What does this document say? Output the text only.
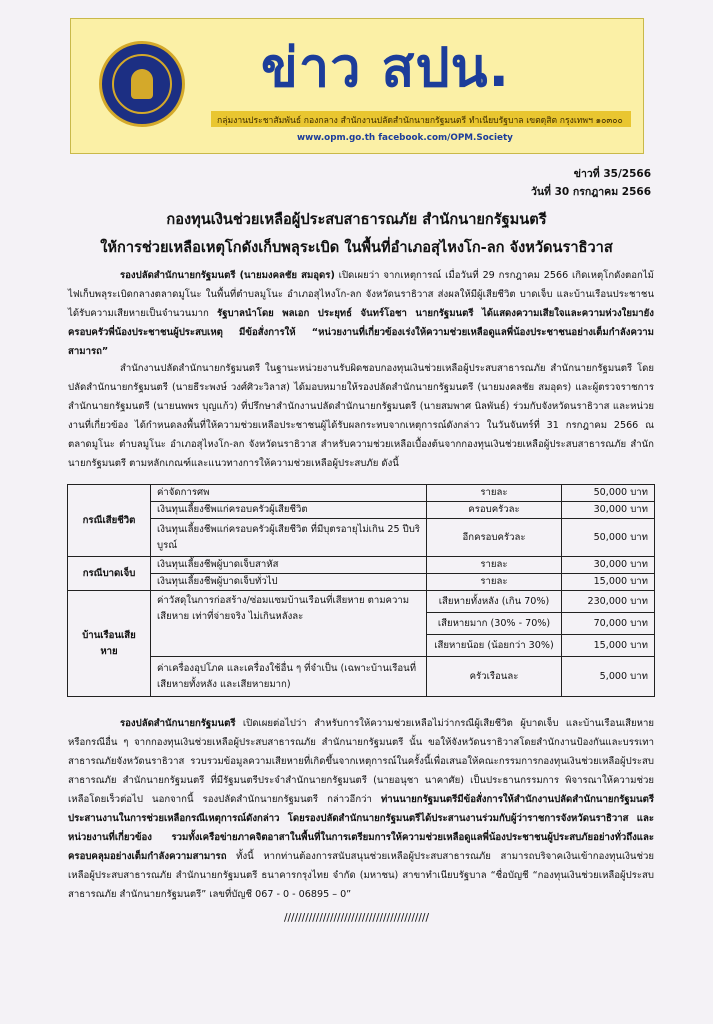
ข่าว สปน.
กลุ่มงานประชาสัมพันธ์ กองกลาง สำนักงานปลัดสำนักนายกรัฐมนตรี ทำเนียบรัฐบาล เขตดุสิต กรุงเทพฯ ๑๐๓๐๐
www.opm.go.th facebook.com/OPM.Society
ข่าวที่ 35/2566
วันที่ 30 กรกฎาคม 2566
กองทุนเงินช่วยเหลือผู้ประสบสาธารณภัย สำนักนายกรัฐมนตรี
ให้การช่วยเหลือเหตุโกดังเก็บพลุระเบิด ในพื้นที่อำเภอสุไหงโก-ลก จังหวัดนราธิวาส
รองปลัดสำนักนายกรัฐมนตรี (นายมงคลชัย สมอุดร) เปิดเผยว่า จากเหตุการณ์ เมื่อวันที่ 29 กรกฎาคม 2566 เกิดเหตุโกดังตอกไม้ไฟเก็บพลุระเบิดกลางตลาดมูโนะ ในพื้นที่ตำบลมูโนะ อำเภอสุไหงโก-ลก จังหวัดนราธิวาส ส่งผลให้มีผู้เสียชีวิต บาดเจ็บ และบ้านเรือนประชาชนได้รับความเสียหายเป็นจำนวนมาก รัฐบาลนำโดย พลเอก ประยุทธ์ จันทร์โอชา นายกรัฐมนตรี ได้แสดงความเสียใจและความห่วงใยมายังครอบครัวพี่น้องประชาชนผู้ประสบเหตุ มีข้อสั่งการให้ “หน่วยงานที่เกี่ยวข้องเร่งให้ความช่วยเหลือดูแลพี่น้องประชาชนอย่างเต็มกำลังความสามารถ”
สำนักงานปลัดสำนักนายกรัฐมนตรี ในฐานะหน่วยงานรับผิดชอบกองทุนเงินช่วยเหลือผู้ประสบสาธารณภัย สำนักนายกรัฐมนตรี โดยปลัดสำนักนายกรัฐมนตรี (นายธีระพงษ์ วงศ์ศิวะวิลาส) ได้มอบหมายให้รองปลัดสำนักนายกรัฐมนตรี (นายมงคลชัย สมอุดร) และผู้ตรวจราชการสำนักนายกรัฐมนตรี (นายนพพร บุญแก้ว) ที่ปรึกษาสำนักงานปลัดสำนักนายกรัฐมนตรี (นายสมพาศ นิลพันธ์) ร่วมกับจังหวัดนราธิวาส และหน่วยงานที่เกี่ยวข้อง ได้กำหนดลงพื้นที่ให้ความช่วยเหลือประชาชนผู้ได้รับผลกระทบจากเหตุการณ์ดังกล่าว ในวันจันทร์ที่ 31 กรกฎาคม 2566 ณ ตลาดมูโนะ ตำบลมูโนะ อำเภอสุไหงโก-ลก จังหวัดนราธิวาส สำหรับความช่วยเหลือเบื้องต้นจากกองทุนเงินช่วยเหลือผู้ประสบสาธารณภัย สำนักนายกรัฐมนตรี ตามหลักเกณฑ์และแนวทางการให้ความช่วยเหลือผู้ประสบภัย ดังนี้
กรณีเสียชีวิต	ค่าจัดการศพ	รายละ	50,000 บาท
	เงินทุนเลี้ยงชีพแก่ครอบครัวผู้เสียชีวิต	ครอบครัวละ	30,000 บาท
	เงินทุนเลี้ยงชีพแก่ครอบครัวผู้เสียชีวิต ที่มีบุตรอายุไม่เกิน 25 ปีบริบูรณ์	อีกครอบครัวละ	50,000 บาท
กรณีบาดเจ็บ	เงินทุนเลี้ยงชีพผู้บาดเจ็บสาหัส	รายละ	30,000 บาท
	เงินทุนเลี้ยงชีพผู้บาดเจ็บทั่วไป	รายละ	15,000 บาท
บ้านเรือนเสียหาย	ค่าวัสดุในการก่อสร้าง/ซ่อมแซมบ้านเรือนที่เสียหาย ตามความเสียหาย เท่าที่จ่ายจริง ไม่เกินหลังละ	เสียหายทั้งหลัง (เกิน 70%)	230,000 บาท
		เสียหายมาก (30% - 70%)	70,000 บาท
		เสียหายน้อย (น้อยกว่า 30%)	15,000 บาท
	ค่าเครื่องอุปโภค และเครื่องใช้อื่น ๆ ที่จำเป็น (เฉพาะบ้านเรือนที่เสียหายทั้งหลัง และเสียหายมาก)	ครัวเรือนละ	5,000 บาท
รองปลัดสำนักนายกรัฐมนตรี เปิดเผยต่อไปว่า สำหรับการให้ความช่วยเหลือไม่ว่ากรณีผู้เสียชีวิต ผู้บาดเจ็บ และบ้านเรือนเสียหาย หรือกรณีอื่น ๆ จากกองทุนเงินช่วยเหลือผู้ประสบสาธารณภัย สำนักนายกรัฐมนตรี นั้น ขอให้จังหวัดนราธิวาสโดยสำนักงานป้องกันและบรรเทาสาธารณภัยจังหวัดนราธิวาส รวบรวมข้อมูลความเสียหายที่เกิดขึ้นจากเหตุการณ์ในครั้งนี้เพื่อเสนอให้คณะกรรมการกองทุนเงินช่วยเหลือผู้ประสบสาธารณภัย สำนักนายกรัฐมนตรี ที่มีรัฐมนตรีประจำสำนักนายกรัฐมนตรี (นายอนุชา นาคาศัย) เป็นประธานกรรมการ พิจารณาให้ความช่วยเหลือโดยเร็วต่อไป นอกจากนี้ รองปลัดสำนักนายกรัฐมนตรี กล่าวอีกว่า ท่านนายกรัฐมนตรีมีข้อสั่งการให้สำนักงานปลัดสำนักนายกรัฐมนตรีประสานงานในการช่วยเหลือกรณีเหตุการณ์ดังกล่าว โดยรองปลัดสำนักนายกรัฐมนตรีได้ประสานงานร่วมกับผู้ว่าราชการจังหวัดนราธิวาส และหน่วยงานที่เกี่ยวข้อง รวมทั้งเครือข่ายภาคจิตอาสาในพื้นที่ในการเตรียมการให้ความช่วยเหลือดูแลพี่น้องประชาชนผู้ประสบภัยอย่างทั่วถึงและครอบคลุมอย่างเต็มกำลังความสามารถ ทั้งนี้ หากท่านต้องการสนับสนุนช่วยเหลือผู้ประสบสาธารณภัย สามารถบริจาคเงินเข้ากองทุนเงินช่วยเหลือผู้ประสบสาธารณภัย สำนักนายกรัฐมนตรี ธนาคารกรุงไทย จำกัด (มหาชน) สาขาทำเนียบรัฐบาล “ชื่อบัญชี “กองทุนเงินช่วยเหลือผู้ประสบสาธารณภัย สำนักนายกรัฐมนตรี” เลขที่บัญชี 067 - 0 - 06895 – 0”
/////////////////////////////////////////
